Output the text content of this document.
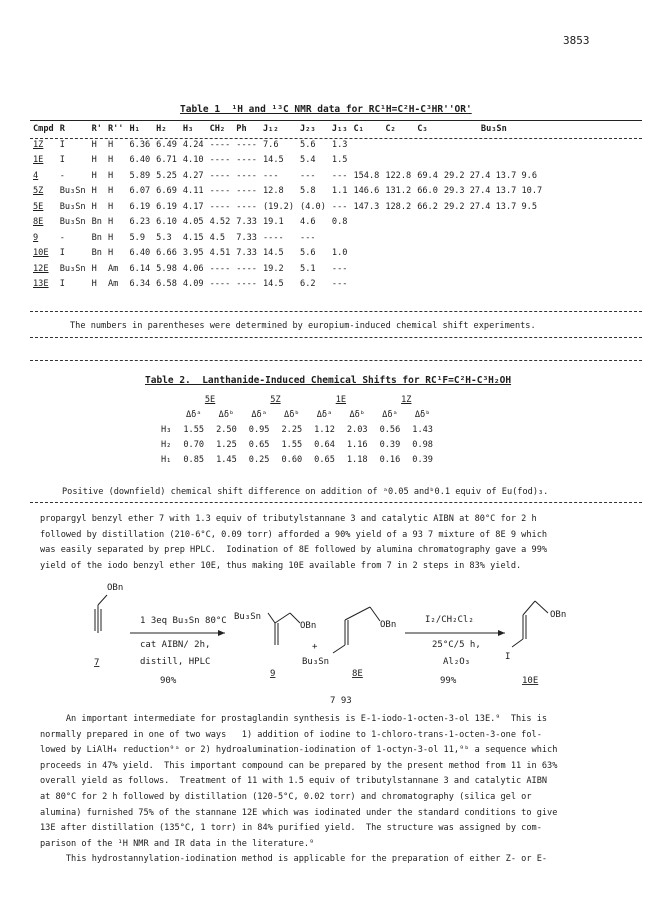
3853
Table 1  ¹H and ¹³C NMR data for RC¹H=C²H-C³HR''OR'
Cmpd	R	R'	R''	H₁	H₂	H₃	CH₂	Ph	J₁₂	J₂₃	J₁₃	C₁	C₂	C₃	Bu₃Sn
1Z	I	H	H	6.36	6.49	4.24	----	----	7.6	5.6	1.3				
1E	I	H	H	6.40	6.71	4.10	----	----	14.5	5.4	1.5				
4	-	H	H	5.89	5.25	4.27	----	----	---	---	---	154.8	122.8	69.4	29.2 27.4 13.7 9.6
5Z	Bu₃Sn	H	H	6.07	6.69	4.11	----	----	12.8	5.8	1.1	146.6	131.2	66.0	29.3 27.4 13.7 10.7
5E	Bu₃Sn	H	H	6.19	6.19	4.17	----	----	(19.2)	(4.0)	---	147.3	128.2	66.2	29.2 27.4 13.7 9.5
8E	Bu₃Sn	Bn	H	6.23	6.10	4.05	4.52	7.33	19.1	4.6	0.8				
9	-	Bn	H	5.9	5.3	4.15	4.5	7.33	----	---					
10E	I	Bn	H	6.40	6.66	3.95	4.51	7.33	14.5	5.6	1.0				
12E	Bu₃Sn	H	Am	6.14	5.98	4.06	----	----	19.2	5.1	---				
13E	I	H	Am	6.34	6.58	4.09	----	----	14.5	6.2	---				
The numbers in parentheses were determined by europium-induced chemical shift experiments.
Table 2.  Lanthanide-Induced Chemical Shifts for RC¹F=C²H-C³H₂OH
	5E		5Z		1E		1Z	
	Δδᵃ	Δδᵇ	Δδᵃ	Δδᵇ	Δδᵃ	Δδᵇ	Δδᵃ	Δδᵇ
H₃	1.55	2.50	0.95	2.25	1.12	2.03	0.56	1.43
H₂	0.70	1.25	0.65	1.55	0.64	1.16	0.39	0.98
H₁	0.85	1.45	0.25	0.60	0.65	1.18	0.16	0.39
Positive (downfield) chemical shift difference on addition of ᵃ0.05 andᵇ0.1 equiv of Eu(fod)₃.
propargyl benzyl ether 7 with 1.3 equiv of tributylstannane 3 and catalytic AIBN at 80°C for 2 h
followed by distillation (210-6°C, 0.09 torr) afforded a 90% yield of a 93 7 mixture of 8E 9 which
was easily separated by prep HPLC.  Iodination of 8E followed by alumina chromatography gave a 99%
yield of the iodo benzyl ether 10E, thus making 10E available from 7 in 2 steps in 83% yield.
OBn
7
1 3eq Bu₃Sn 80°C
cat AIBN/ 2h,
distill, HPLC
90%
Bu₃Sn
OBn
9
+
OBn
Bu₃Sn
8E
7 93
I₂/CH₂Cl₂
25°C/5 h,
Al₂O₃
99%
OBn
I
10E
An important intermediate for prostaglandin synthesis is E-1-iodo-1-octen-3-ol 13E.⁹  This is
normally prepared in one of two ways   1) addition of iodine to 1-chloro-trans-1-octen-3-one fol-
lowed by LiAlH₄ reduction⁹ᵃ or 2) hydroalumination-iodination of 1-octyn-3-ol 11,⁹ᵇ a sequence which
proceeds in 47% yield.  This important compound can be prepared by the present method from 11 in 63%
overall yield as follows.  Treatment of 11 with 1.5 equiv of tributylstannane 3 and catalytic AIBN
at 80°C for 2 h followed by distillation (120-5°C, 0.02 torr) and chromatography (silica gel or
alumina) furnished 75% of the stannane 12E which was iodinated under the standard conditions to give
13E after distillation (135°C, 1 torr) in 84% purified yield.  The structure was assigned by com-
parison of the ¹H NMR and IR data in the literature.⁹
This hydrostannylation-iodination method is applicable for the preparation of either Z- or E-
